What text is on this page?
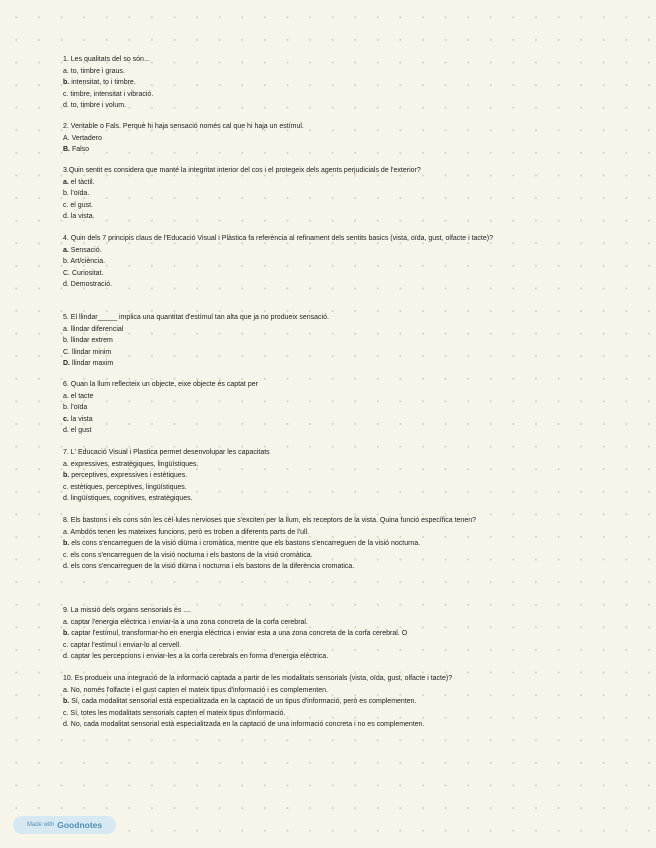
1. Les qualitats del so són...
a. to, timbre i graus.
b. intensitat, to i timbre.
c. timbre, intensitat i vibració.
d. to, timbre i volum.
2. Veritable o Fals. Perquè hi haja sensació només cal que hi haja un estímul.
A. Vertadero
B. Falso
3.Quin sentit es considera que manté la integritat interior del cos i el protegeix dels agents perjudicials de l'exterior?
a. el tàctil.
b. l'oïda.
c. el gust.
d. la vista.
4. Quin dels 7 principis claus de l'Educació Visual i Plàstica fa referència al refinament dels sentits basics (vista, oïda, gust, olfacte i tacte)?
a. Sensació.
b. Art/ciència.
C. Curiositat.
d. Demostració.
5. El llindar_____ implica una quantitat d'estímul tan alta que ja no produeix sensació.
a. llindar diferencial
b. llindar extrem
C. llindar minim
D. llindar maxim
6. Quan la llum reflecteix un objecte, eixe objecte és captat per
a. el tacte
b. l'oïda
c. la vista
d. el gust
7. L' Educació Visual i Plastica permet desenvolupar les capacitats
a. expressives, estratègiques, lingüístiques.
b. perceptives, expressives i estètiques.
c. estètiques, perceptives, lingüístiques.
d. lingüístiques, cognitives, estratègiques.
8. Els bastons i els cons són les cèl·lules nervioses que s'exciten per la llum, els receptors de la vista. Quina funció específica tenen?
a. Ambdós tenen les mateixes funcions, però es troben a diferents parts de l'ull.
b. els cons s'encarreguen de la visió diürna i cromàtica, mentre que els bastons s'encarreguen de la visió nocturna.
c. els cons s'encarreguen de la visió nocturna i els bastons de la visió cromàtica.
d. els cons s'encarreguen de la visió diürna i nocturna i els bastons de la diferència cromatica.
9. La missió dels organs sensorials és ....
a. captar l'energia elèctrica i enviar-la a una zona concreta de la corfa cerebral.
b. captar l'estímul, transformar-ho en energia elèctrica i enviar esta a una zona concreta de la corfa cerebral. O
c. captar l'estímul i enviar-lo al cervell.
d. captar les percepcions i enviar-les a la corfa cerebrals en forma d'energia elèctrica.
10. Es produeix una integració de la informació captada a partir de les modalitats sensorials (vista, oïda, gust, olfacte i tacte)?
a. No, només l'olfacte i el gust capten el mateix tipus d'informació i es complementen.
b. Sí, cada modalitat sensorial està especialitzada en la captació de un tipus d'informació, però es complementen.
c. Sí, totes les modalitats sensorials capten el mateix tipus d'informació.
d. No, cada modalitat sensorial està especialitzada en la captació de una informació concreta i no es complementen.
Made with Goodnotes
